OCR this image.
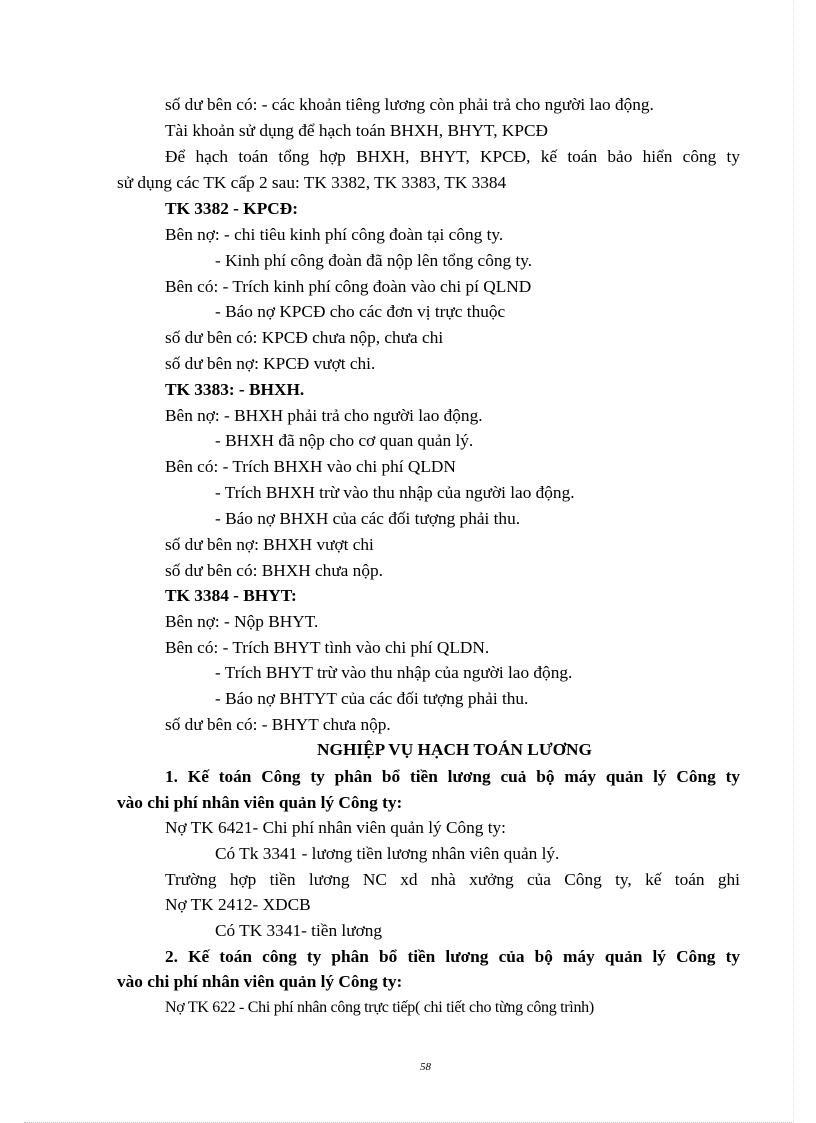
số dư bên có: - các khoản tiêng lương còn phải trả cho người lao động.
Tài khoản sử dụng để hạch toán BHXH, BHYT, KPCĐ
Để hạch toán tổng hợp BHXH, BHYT, KPCĐ, kế toán bảo hiển công ty
sử dụng các TK cấp 2 sau: TK 3382, TK 3383, TK 3384
TK 3382 - KPCĐ:
Bên nợ: - chi tiêu kinh phí công đoàn tại công ty.
- Kinh phí công đoàn đã nộp lên tổng công ty.
Bên có: - Trích kinh phí công đoàn vào chi pí QLND
- Báo nợ KPCĐ cho các đơn vị trực thuộc
số dư bên có: KPCĐ chưa nộp, chưa chi
số dư bên nợ: KPCĐ vượt chi.
TK 3383: - BHXH.
Bên nợ: - BHXH phải trả cho người lao động.
- BHXH đã nộp cho cơ quan quản lý.
Bên có: - Trích BHXH vào chi phí QLDN
- Trích BHXH trừ vào thu nhập của người lao động.
- Báo nợ BHXH của các đối tượng phải thu.
số dư bên nợ: BHXH vượt chi
số dư bên có: BHXH chưa nộp.
TK 3384 - BHYT:
Bên nợ: - Nộp BHYT.
Bên có: - Trích BHYT tình vào chi phí QLDN.
- Trích BHYT trừ vào thu nhập của người lao động.
- Báo nợ BHTYT của các đối tượng phải thu.
số dư bên có: - BHYT chưa nộp.
NGHIỆP VỤ HẠCH TOÁN LƯƠNG
1. Kế toán Công ty phân bổ tiền lương cuả bộ máy quản lý Công ty
vào chi phí nhân viên quản lý Công ty:
Nợ TK 6421- Chi phí nhân viên quản lý Công ty:
Có Tk 3341 - lương tiền lương nhân viên quản lý.
Trường hợp tiền lương NC xd nhà xưởng của Công ty, kế toán ghi
Nợ TK 2412- XDCB
Có TK 3341- tiền lương
2. Kế toán công ty phân bổ tiền lương của bộ máy quản lý Công ty
vào chi phí nhân viên quản lý Công ty:
Nợ TK 622 - Chi phí nhân công trực tiếp( chi tiết cho từng công trình)
58
